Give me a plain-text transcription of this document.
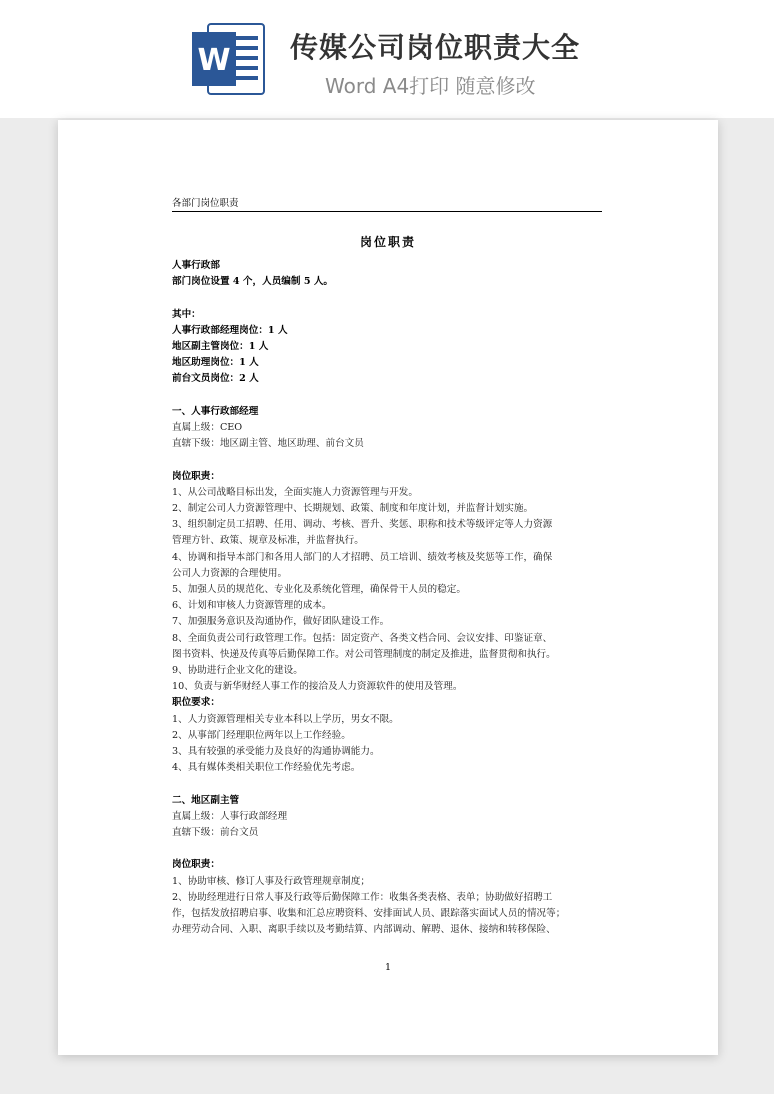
W 传媒公司岗位职责大全
Word A4打印 随意修改
各部门岗位职责
岗位职责

人事行政部

部门岗位设置 4 个，人员编制 5 人。

其中：

人事行政部经理岗位：1 人

地区副主管岗位：1 人

地区助理岗位：1 人

前台文员岗位：2 人

一、人事行政部经理

直属上级：CEO

直辖下级：地区副主管、地区助理、前台文员

岗位职责：

1、从公司战略目标出发，全面实施人力资源管理与开发。

2、制定公司人力资源管理中、长期规划、政策、制度和年度计划，并监督计划实施。

3、组织制定员工招聘、任用、调动、考核、晋升、奖惩、职称和技术等级评定等人力资源

管理方针、政策、规章及标准，并监督执行。

4、协调和指导本部门和各用人部门的人才招聘、员工培训、绩效考核及奖惩等工作，确保

公司人力资源的合理使用。

5、加强人员的规范化、专业化及系统化管理，确保骨干人员的稳定。

6、计划和审核人力资源管理的成本。

7、加强服务意识及沟通协作，做好团队建设工作。

8、全面负责公司行政管理工作。包括：固定资产、各类文档合同、会议安排、印鉴证章、

图书资料、快递及传真等后勤保障工作。对公司管理制度的制定及推进，监督贯彻和执行。

9、协助进行企业文化的建设。

10、负责与新华财经人事工作的接洽及人力资源软件的使用及管理。

职位要求：

1、人力资源管理相关专业本科以上学历，男女不限。

2、从事部门经理职位两年以上工作经验。

3、具有较强的承受能力及良好的沟通协调能力。

4、具有媒体类相关职位工作经验优先考虑。

二、地区副主管

直属上级：人事行政部经理

直辖下级：前台文员

岗位职责：

1、协助审核、修订人事及行政管理规章制度；

2、协助经理进行日常人事及行政等后勤保障工作：收集各类表格、表单；协助做好招聘工

作，包括发放招聘启事、收集和汇总应聘资料、安排面试人员、跟踪落实面试人员的情况等；

办理劳动合同、入职、离职手续以及考勤结算、内部调动、解聘、退休、接纳和转移保险、

1
